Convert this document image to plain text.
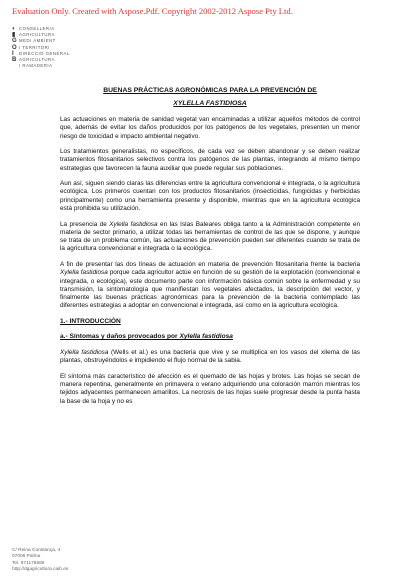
Evaluation Only. Created with Aspose.Pdf. Copyright 2002-2012 Aspose Pty Ltd.
◐ CONSELLERIA
▮ AGRICULTURA
G MEDI AMBIENT
O I TERRITORI
I	DIRECCIÓ GENERAL
B AGRICULTURA
I RAMADERIA
BUENAS PRÁCTICAS AGRONÓMICAS PARA LA PREVENCIÓN DE
XYLELLA FASTIDIOSA

Las actuaciones en materia de sanidad vegetal van encaminadas a utilizar aquellos métodos de control que, además de evitar los daños producidos por los patógenos de los vegetales, presenten un menor riesgo de toxicidad e impacto ambiental negativo.

Los tratamientos generalistas, no específicos, de cada vez se deben abandonar y se deben realizar tratamientos fitosanitarios selectivos contra los patógenos de las plantas, integrando al mismo tiempo estrategias que favorecen la fauna auxiliar que puede regular sus poblaciones.

Aun así, siguen siendo claras las diferencias entre la agricultura convencional e integrada, o la agricultura ecológica. Los primeros cuentan con los productos fitosanitarios (insecticidas, fungicidas y herbicidas principalmente) como una herramienta presente y disponible, mientras que en la agricultura ecológica está prohibida su utilización.

La presencia de Xylella fastidiosa en las Islas Baleares obliga tanto a la Administración competente en materia de sector primario, a utilizar todas las herramientas de control de las que se dispone, y aunque se trata de un problema común, las actuaciones de prevención pueden ser diferentes cuando se trata de la agricultura convencional e integrada o la ecológica.

A fin de presentar las dos líneas de actuación en materia de prevención fitosanitaria frente la bacteria Xylella fastidiosa porque cada agricultor actúe en función de su gestión de la explotación (convencional e integrada, o ecológica), este documento parte con información básica común sobre la enfermedad y su transmisión, la sintomatología que manifiestan los vegetales afectados, la descripción del vector, y finalmente las buenas prácticas agronómicas para la prevención de la bacteria contemplado las diferentes estrategias a adoptar en convencional e integrada, así como en la agricultura ecológica.

1.- INTRODUCCIÓN
a.- Síntomas y daños provocados por Xylella fastidiosa

Xylella fastidiosa (Wells et al.) es una bacteria que vive y se multiplica en los vasos del xilema de las plantas, obstruyéndolos e impidiendo el flujo normal de la sabia.

El síntoma más característico de afección es el quemado de las hojas y brotes. Las hojas se secan de manera repentina, generalmente en primavera o verano adquiriendo una coloración marrón mientras los tejidos adyacentes permanecen amarillos. La necrosis de las hojas suele progresar desde la punta hasta la base de la hoja y no es

C/ Reina Constança, 4
07006 Palma
Tel. 971176666
http://dgagricultura.caib.es
